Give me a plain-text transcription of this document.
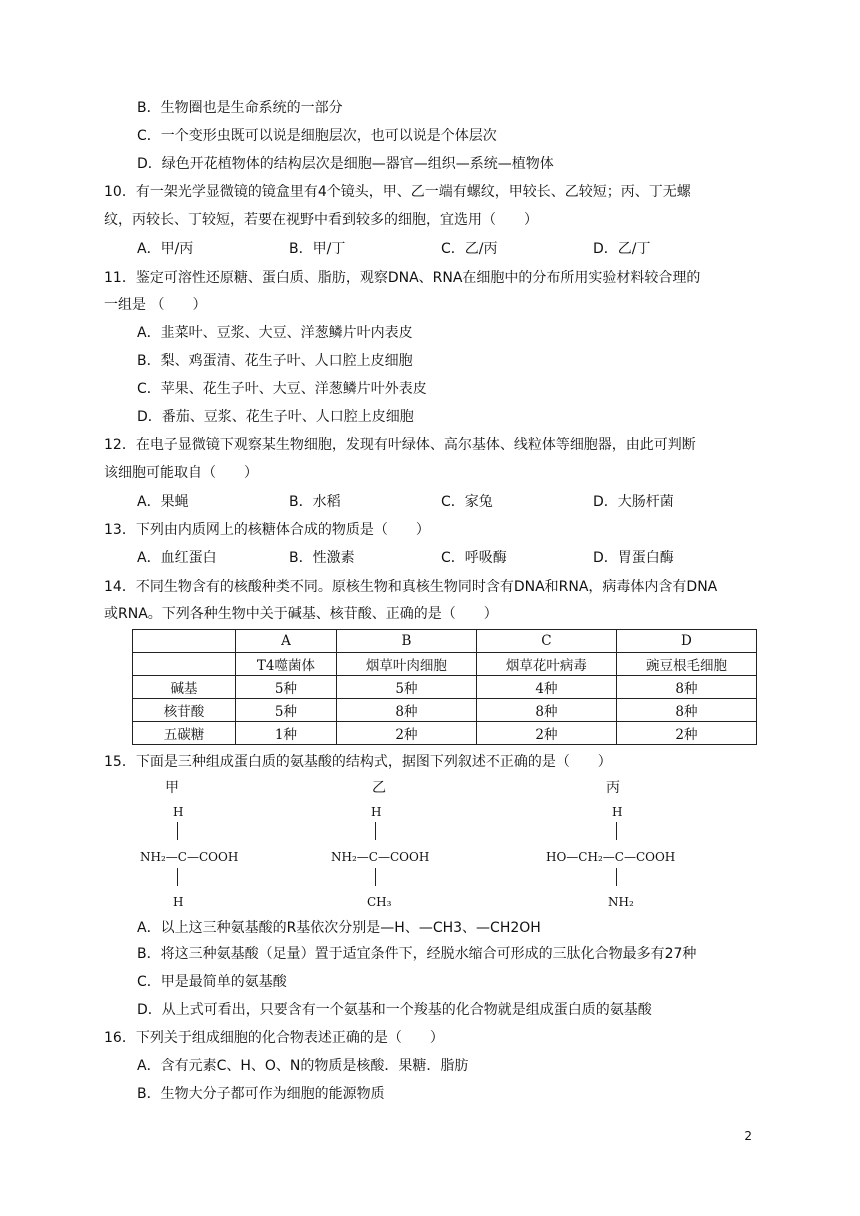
B．生物圈也是生命系统的一部分
C．一个变形虫既可以说是细胞层次，也可以说是个体层次
D．绿色开花植物体的结构层次是细胞—器官—组织—系统—植物体
10．有一架光学显微镜的镜盒里有4个镜头，甲、乙一端有螺纹，甲较长、乙较短；丙、丁无螺
纹，丙较长、丁较短，若要在视野中看到较多的细胞，宜选用（　　）
A．甲/丙	B．甲/丁	C．乙/丙	D．乙/丁
11．鉴定可溶性还原糖、蛋白质、脂肪，观察DNA、RNA在细胞中的分布所用实验材料较合理的
一组是 （　　）
A．韭菜叶、豆浆、大豆、洋葱鳞片叶内表皮
B．梨、鸡蛋清、花生子叶、人口腔上皮细胞
C．苹果、花生子叶、大豆、洋葱鳞片叶外表皮
D．番茄、豆浆、花生子叶、人口腔上皮细胞
12．在电子显微镜下观察某生物细胞，发现有叶绿体、高尔基体、线粒体等细胞器，由此可判断
该细胞可能取自（　　）
A．果蝇	B．水稻	C．家兔	D．大肠杆菌
13．下列由内质网上的核糖体合成的物质是（　　）
A．血红蛋白	B．性激素	C．呼吸酶	D．胃蛋白酶
14．不同生物含有的核酸种类不同。原核生物和真核生物同时含有DNA和RNA，病毒体内含有DNA
或RNA。下列各种生物中关于碱基、核苷酸、正确的是（　　）
	A	B	C	D
	T4噬菌体	烟草叶肉细胞	烟草花叶病毒	豌豆根毛细胞
碱基	5种	5种	4种	8种
核苷酸	5种	8种	8种	8种
五碳糖	1种	2种	2种	2种
15．下面是三种组成蛋白质的氨基酸的结构式，据图下列叙述不正确的是（　　）
甲
H
NH₂—C—COOH
H
乙
H
NH₂—C—COOH
CH₃
丙
H
HO—CH₂—C—COOH
NH₂
A．以上这三种氨基酸的R基依次分别是—H、—CH3、—CH2OH
B．将这三种氨基酸（足量）置于适宜条件下，经脱水缩合可形成的三肽化合物最多有27种
C．甲是最简单的氨基酸
D．从上式可看出，只要含有一个氨基和一个羧基的化合物就是组成蛋白质的氨基酸
16．下列关于组成细胞的化合物表述正确的是（　　）
A．含有元素C、H、O、N的物质是核酸．果糖．脂肪
B．生物大分子都可作为细胞的能源物质
2
